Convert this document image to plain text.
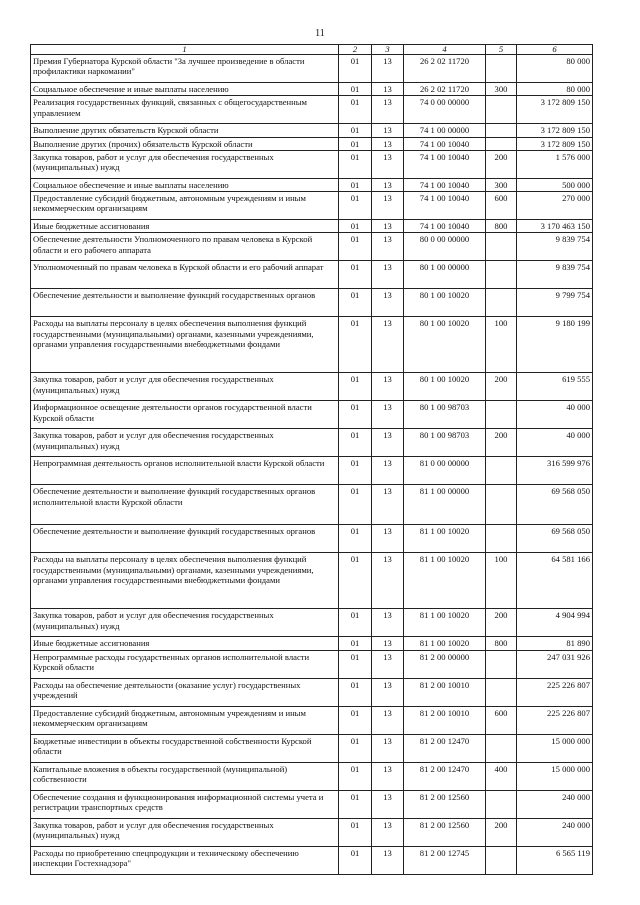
11
1	2	3	4	5	6
Премия Губернатора Курской области "За лучшее произведение в области профилактики наркомании"	01	13	26 2 02 11720		80 000
Социальное обеспечение и иные выплаты населению	01	13	26 2 02 11720	300	80 000
Реализация государственных функций, связанных с общегосударственным управлением	01	13	74 0 00 00000		3 172 809 150
Выполнение других обязательств Курской области	01	13	74 1 00 00000		3 172 809 150
Выполнение других (прочих) обязательств Курской области	01	13	74 1 00 10040		3 172 809 150
Закупка товаров, работ и услуг для обеспечения государственных (муниципальных) нужд	01	13	74 1 00 10040	200	1 576 000
Социальное обеспечение и иные выплаты населению	01	13	74 1 00 10040	300	500 000
Предоставление субсидий бюджетным, автономным учреждениям и иным некоммерческим организациям	01	13	74 1 00 10040	600	270 000
Иные бюджетные ассигнования	01	13	74 1 00 10040	800	3 170 463 150
Обеспечение деятельности Уполномоченного по правам человека в Курской области и его рабочего аппарата	01	13	80 0 00 00000		9 839 754
Уполномоченный по правам человека в Курской области и его рабочий аппарат	01	13	80 1 00 00000		9 839 754
Обеспечение деятельности и выполнение функций государственных органов	01	13	80 1 00 10020		9 799 754
Расходы на выплаты персоналу в целях обеспечения выполнения функций государственными (муниципальными) органами, казенными учреждениями, органами управления государственными внебюджетными фондами	01	13	80 1 00 10020	100	9 180 199
Закупка товаров, работ и услуг для обеспечения государственных (муниципальных) нужд	01	13	80 1 00 10020	200	619 555
Информационное освещение деятельности органов государственной власти Курской области	01	13	80 1 00 98703		40 000
Закупка товаров, работ и услуг для обеспечения государственных (муниципальных) нужд	01	13	80 1 00 98703	200	40 000
Непрограммная деятельность органов исполнительной власти Курской области	01	13	81 0 00 00000		316 599 976
Обеспечение деятельности и выполнение функций государственных органов исполнительной власти Курской области	01	13	81 1 00 00000		69 568 050
Обеспечение деятельности и выполнение функций государственных органов	01	13	81 1 00 10020		69 568 050
Расходы на выплаты персоналу в целях обеспечения выполнения функций государственными (муниципальными) органами, казенными учреждениями, органами управления государственными внебюджетными фондами	01	13	81 1 00 10020	100	64 581 166
Закупка товаров, работ и услуг для обеспечения государственных (муниципальных) нужд	01	13	81 1 00 10020	200	4 904 994
Иные бюджетные ассигнования	01	13	81 1 00 10020	800	81 890
Непрограммные расходы государственных органов исполнительной власти Курской области	01	13	81 2 00 00000		247 031 926
Расходы на обеспечение деятельности (оказание услуг) государственных учреждений	01	13	81 2 00 10010		225 226 807
Предоставление субсидий бюджетным, автономным учреждениям и иным некоммерческим организациям	01	13	81 2 00 10010	600	225 226 807
Бюджетные инвестиции в объекты государственной собственности Курской области	01	13	81 2 00 12470		15 000 000
Капитальные вложения в объекты государственной (муниципальной) собственности	01	13	81 2 00 12470	400	15 000 000
Обеспечение создания и функционирования информационной системы учета и регистрации транспортных средств	01	13	81 2 00 12560		240 000
Закупка товаров, работ и услуг для обеспечения государственных (муниципальных) нужд	01	13	81 2 00 12560	200	240 000
Расходы по приобретению спецпродукции и техническому обеспечению инспекции Гостехнадзора"	01	13	81 2 00 12745		6 565 119
